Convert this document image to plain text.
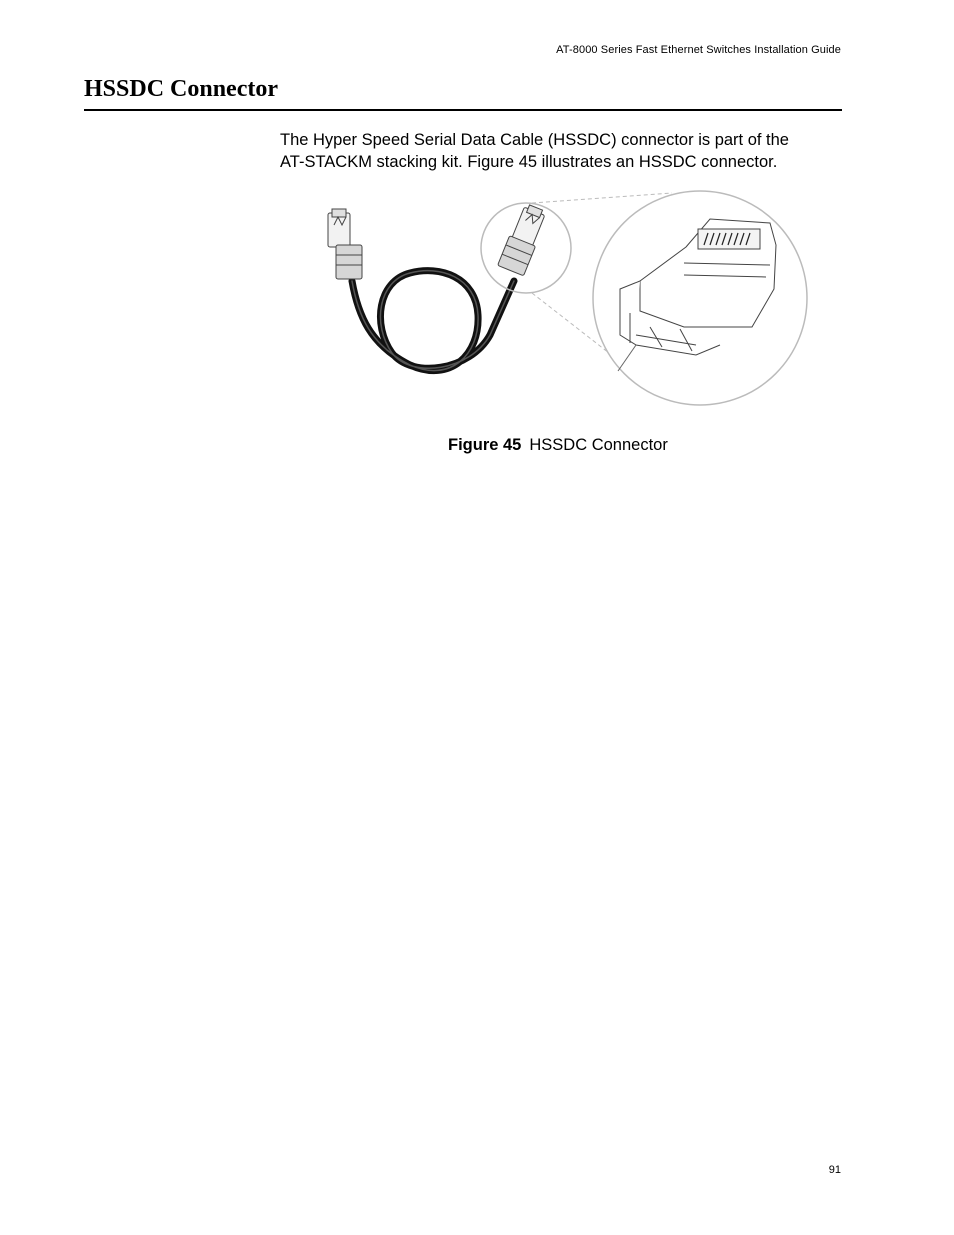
AT-8000 Series Fast Ethernet Switches Installation Guide
HSSDC Connector

The Hyper Speed Serial Data Cable (HSSDC) connector is part of the

AT-STACKM stacking kit. Figure 45 illustrates an HSSDC connector.

Figure 45 HSSDC Connector
91
